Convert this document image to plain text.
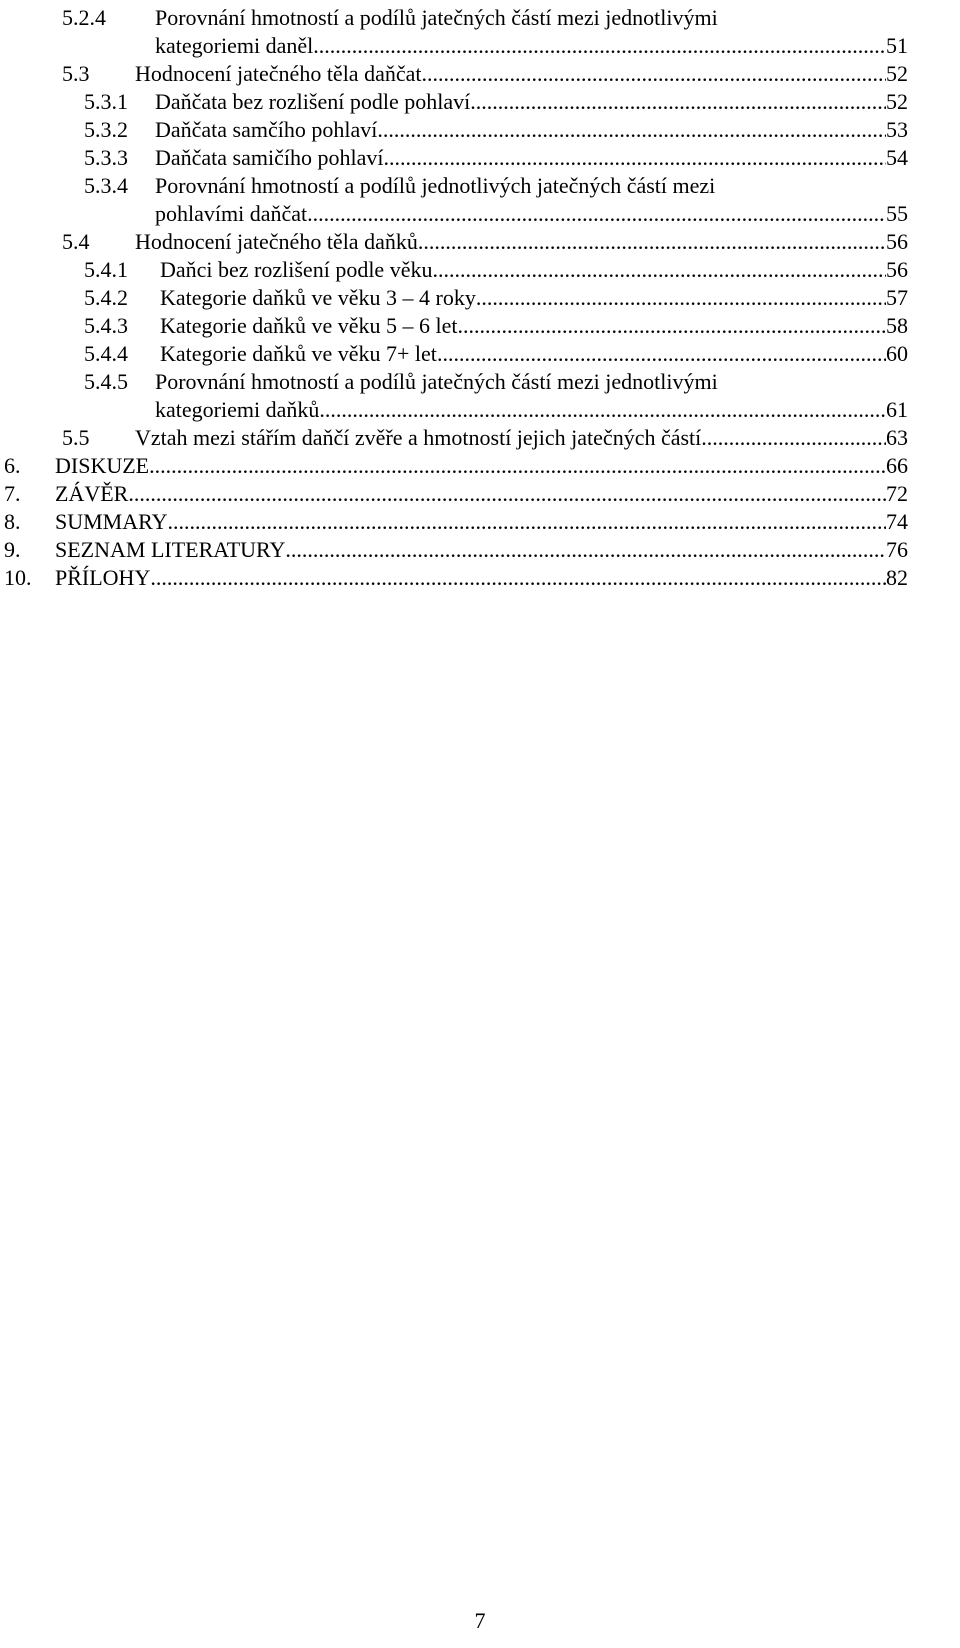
5.2.4 Porovnání hmotností a podílů jatečných částí mezi jednotlivými
kategoriemi daněl .....	51
5.3 Hodnocení jatečného těla daňčat .....	52
5.3.1 Daňčata bez rozlišení podle pohlaví .....	52
5.3.2 Daňčata samčího pohlaví .....	53
5.3.3 Daňčata samičího pohlaví .....	54
5.3.4 Porovnání hmotností a podílů jednotlivých jatečných částí mezi
pohlavími daňčat .....	55
5.4 Hodnocení jatečného těla daňků .....	56
5.4.1 Daňci bez rozlišení podle věku .....	56
5.4.2 Kategorie daňků ve věku 3 – 4 roky .....	57
5.4.3 Kategorie daňků ve věku 5 – 6 let .....	58
5.4.4 Kategorie daňků ve věku 7+ let .....	60
5.4.5 Porovnání hmotností a podílů jatečných částí mezi jednotlivými
kategoriemi daňků .....	61
5.5 Vztah mezi stářím daňčí zvěře a hmotností jejich jatečných částí .....	63
6. DISKUZE .....	66
7. ZÁVĚR .....	72
8. SUMMARY .....	74
9. SEZNAM LITERATURY .....	76
10. PŘÍLOHY .....	82
7
